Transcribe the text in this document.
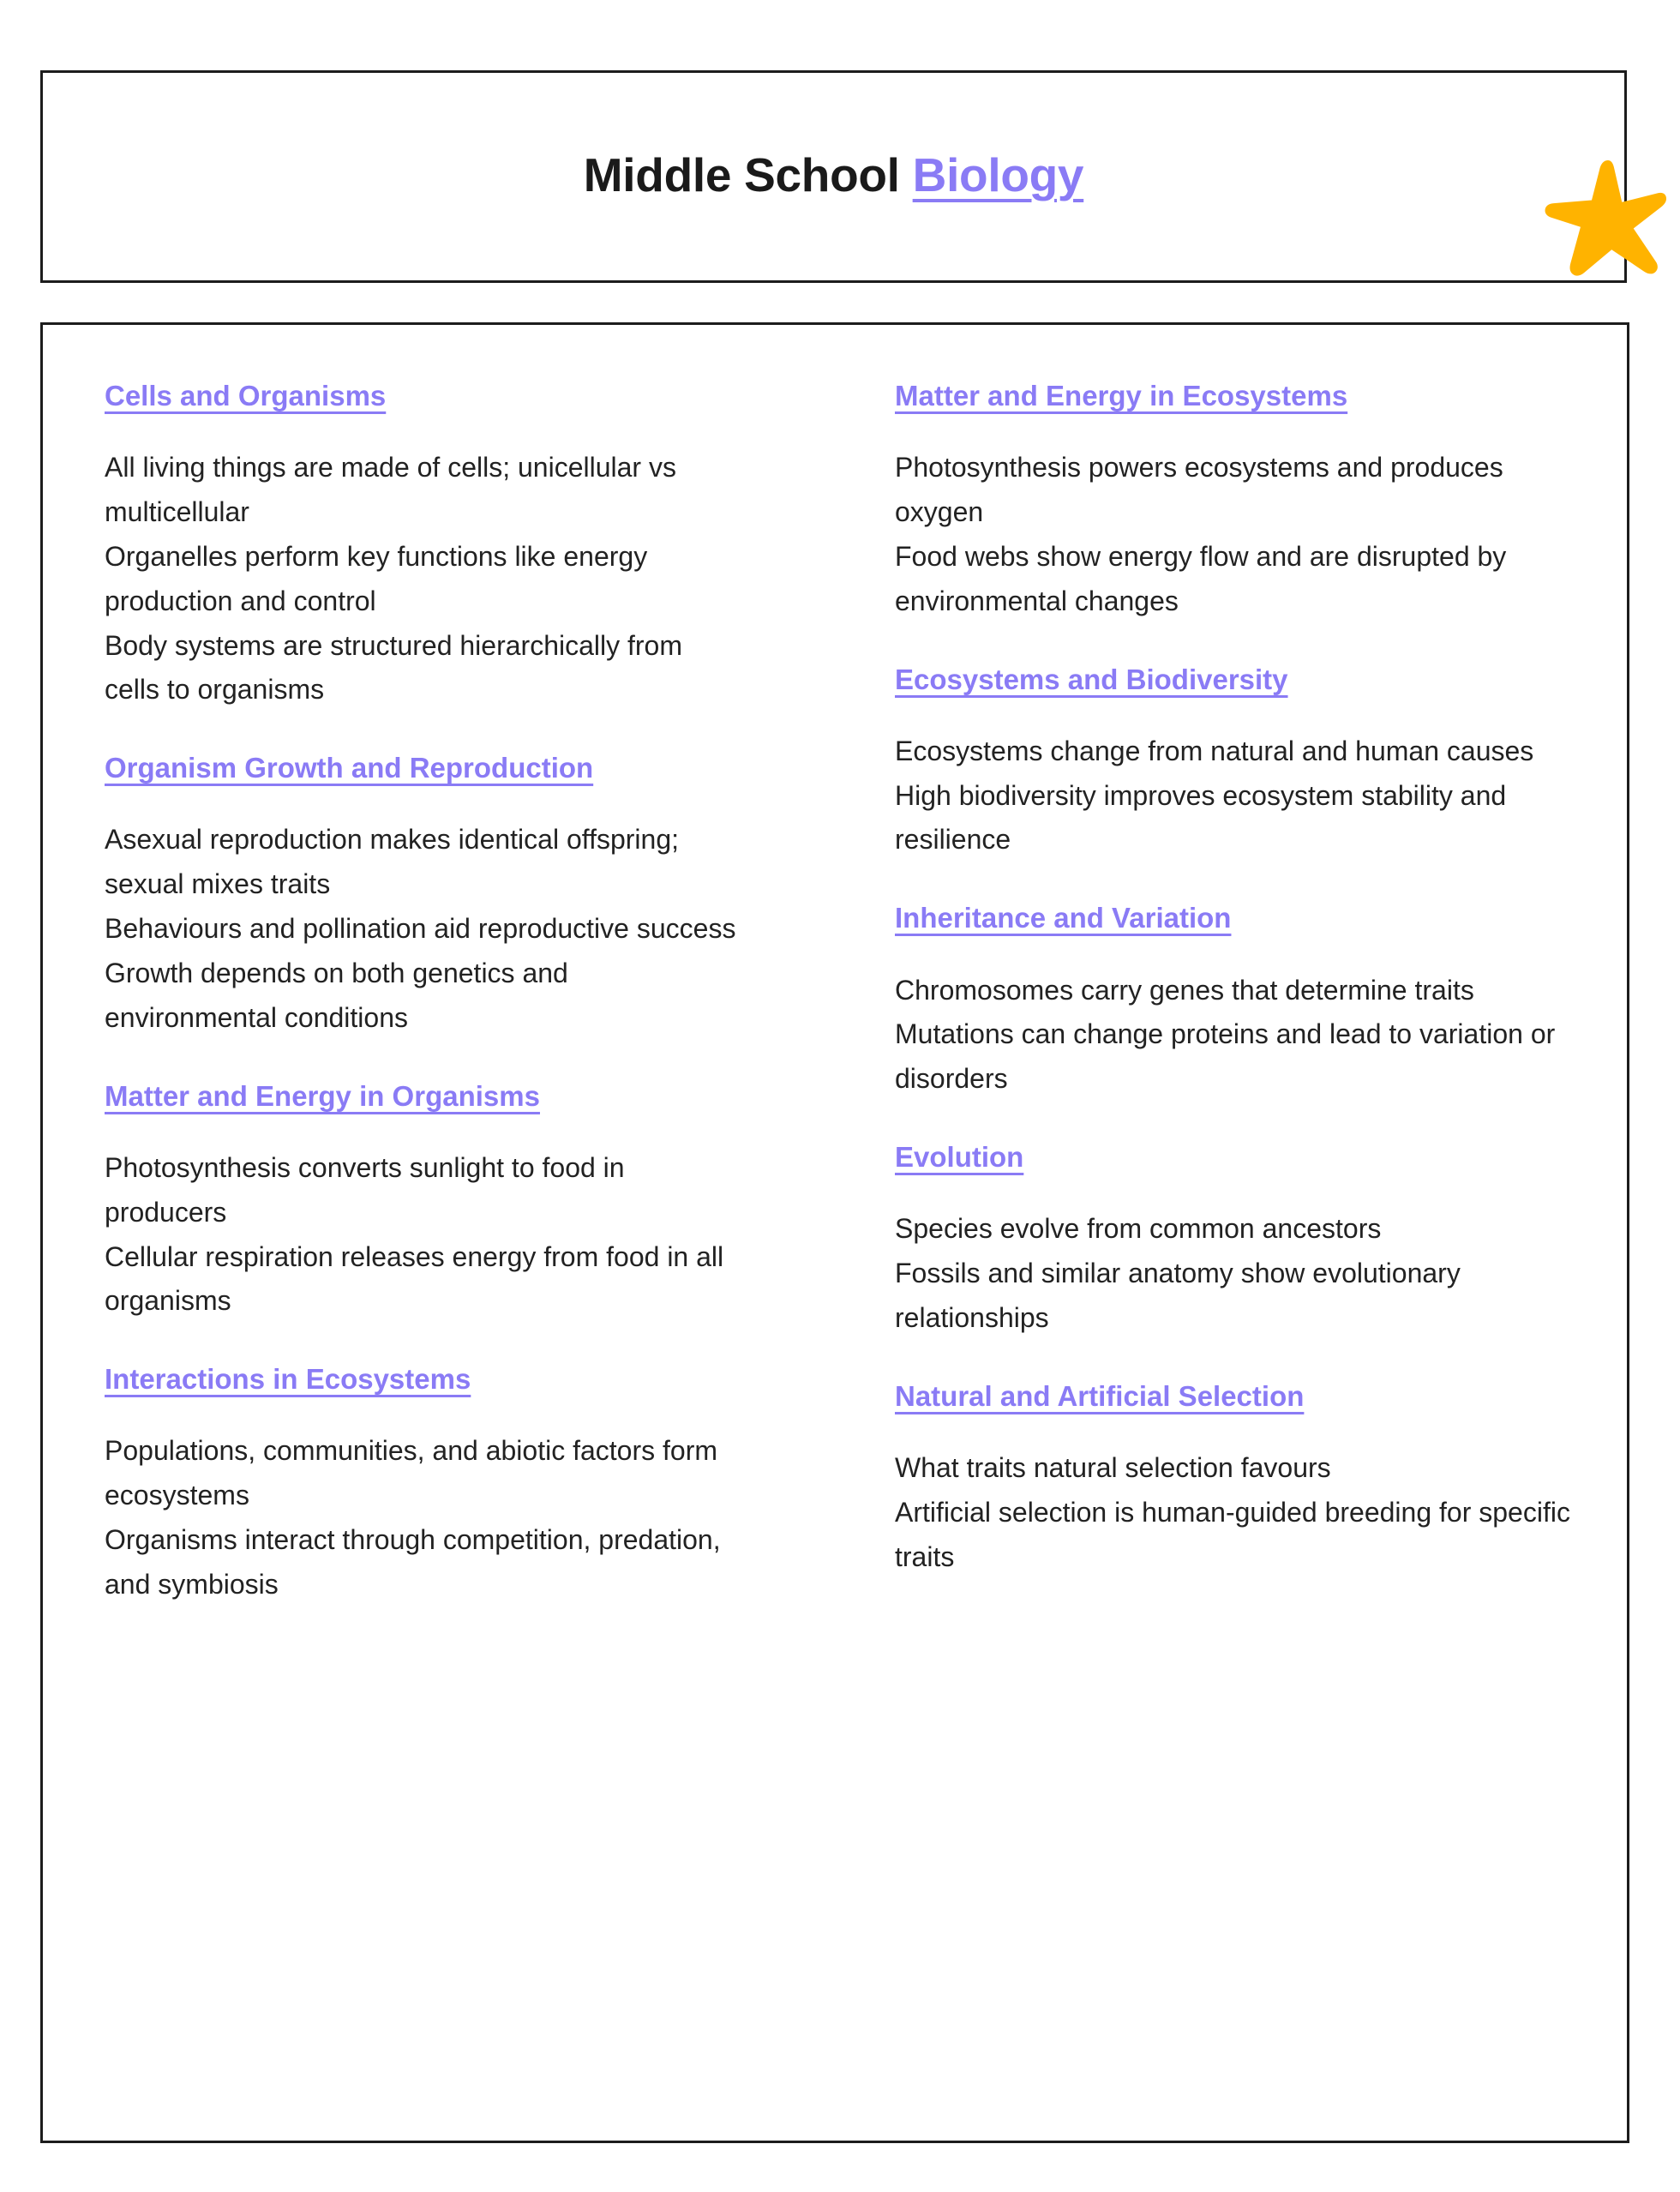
Middle School Biology
Cells and Organisms
All living things are made of cells; unicellular vs multicellular
Organelles perform key functions like energy production and control
Body systems are structured hierarchically from cells to organisms
Organism Growth and Reproduction
Asexual reproduction makes identical offspring; sexual mixes traits
Behaviours and pollination aid reproductive success
Growth depends on both genetics and environmental conditions
Matter and Energy in Organisms
Photosynthesis converts sunlight to food in producers
Cellular respiration releases energy from food in all organisms
Interactions in Ecosystems
Populations, communities, and abiotic factors form ecosystems
Organisms interact through competition, predation, and symbiosis
Matter and Energy in Ecosystems
Photosynthesis powers ecosystems and produces oxygen
Food webs show energy flow and are disrupted by environmental changes
Ecosystems and Biodiversity
Ecosystems change from natural and human causes
High biodiversity improves ecosystem stability and resilience
Inheritance and Variation
Chromosomes carry genes that determine traits
Mutations can change proteins and lead to variation or disorders
Evolution
Species evolve from common ancestors
Fossils and similar anatomy show evolutionary relationships
Natural and Artificial Selection
What traits natural selection favours
Artificial selection is human-guided breeding for specific traits
